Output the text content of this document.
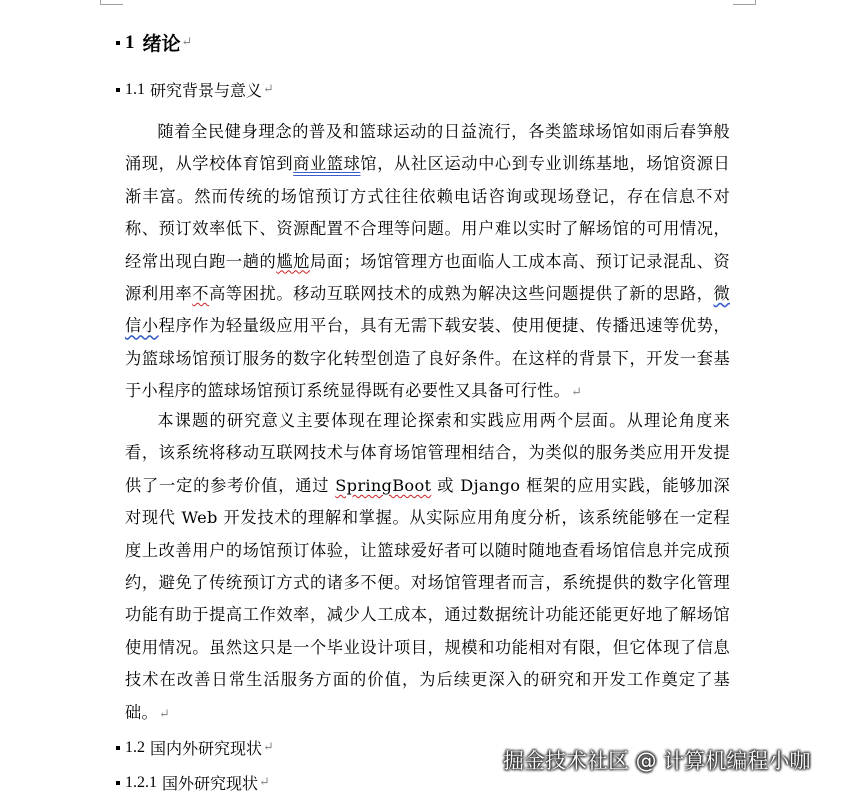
1 绪论 ↵
1.1 研究背景与意义 ↵

随着全民健身理念的普及和篮球运动的日益流行，各类篮球场馆如雨后春笋般涌现，从学校体育馆到商业篮球馆，从社区运动中心到专业训练基地，场馆资源日渐丰富。然而传统的场馆预订方式往往依赖电话咨询或现场登记，存在信息不对称、预订效率低下、资源配置不合理等问题。用户难以实时了解场馆的可用情况，经常出现白跑一趟的尴尬局面；场馆管理方也面临人工成本高、预订记录混乱、资源利用率不高等困扰。移动互联网技术的成熟为解决这些问题提供了新的思路，微信小程序作为轻量级应用平台，具有无需下载安装、使用便捷、传播迅速等优势，为篮球场馆预订服务的数字化转型创造了良好条件。在这样的背景下，开发一套基于小程序的篮球场馆预订系统显得既有必要性又具备可行性。↵

本课题的研究意义主要体现在理论探索和实践应用两个层面。从理论角度来看，该系统将移动互联网技术与体育场馆管理相结合，为类似的服务类应用开发提供了一定的参考价值，通过 SpringBoot 或 Django 框架的应用实践，能够加深对现代 Web 开发技术的理解和掌握。从实际应用角度分析，该系统能够在一定程度上改善用户的场馆预订体验，让篮球爱好者可以随时随地查看场馆信息并完成预约，避免了传统预订方式的诸多不便。对场馆管理者而言，系统提供的数字化管理功能有助于提高工作效率，减少人工成本，通过数据统计功能还能更好地了解场馆使用情况。虽然这只是一个毕业设计项目，规模和功能相对有限，但它体现了信息技术在改善日常生活服务方面的价值，为后续更深入的研究和开发工作奠定了基础。↵

1.2 国内外研究现状 ↵
1.2.1 国外研究现状 ↵
掘金技术社区 @ 计算机编程小咖
